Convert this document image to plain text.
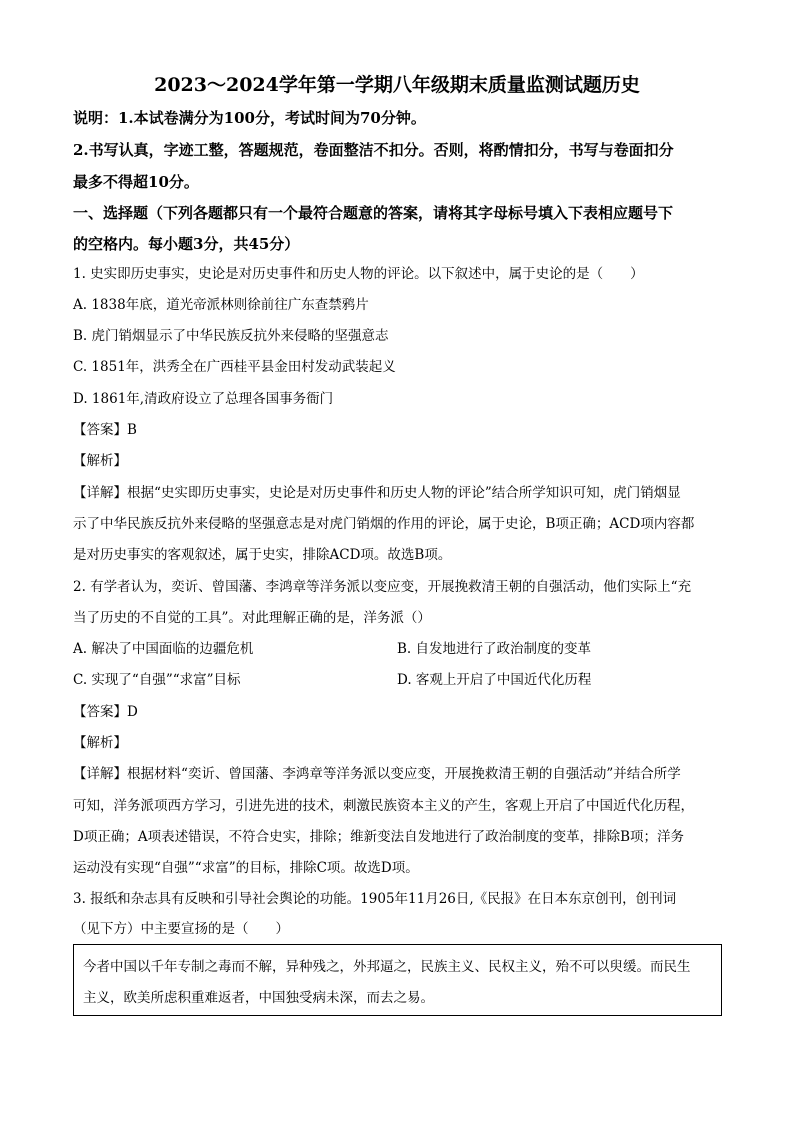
2023～2024学年第一学期八年级期末质量监测试题历史
说明：1.本试卷满分为100分，考试时间为70分钟。
2.书写认真，字迹工整，答题规范，卷面整洁不扣分。否则，将酌情扣分，书写与卷面扣分
最多不得超10分。
一、选择题（下列各题都只有一个最符合题意的答案，请将其字母标号填入下表相应题号下
的空格内。每小题3分，共45分）
1. 史实即历史事实，史论是对历史事件和历史人物的评论。以下叙述中，属于史论的是（　　）
A. 1838年底，道光帝派林则徐前往广东查禁鸦片
B. 虎门销烟显示了中华民族反抗外来侵略的坚强意志
C. 1851年，洪秀全在广西桂平县金田村发动武装起义
D. 1861年,清政府设立了总理各国事务衙门
【答案】B
【解析】
【详解】根据“史实即历史事实，史论是对历史事件和历史人物的评论”结合所学知识可知，虎门销烟显
示了中华民族反抗外来侵略的坚强意志是对虎门销烟的作用的评论，属于史论，B项正确；ACD项内容都
是对历史事实的客观叙述，属于史实，排除ACD项。故选B项。
2. 有学者认为，奕䜣、曾国藩、李鸿章等洋务派以变应变，开展挽救清王朝的自强活动，他们实际上“充
当了历史的不自觉的工具”。对此理解正确的是，洋务派（）
A. 解决了中国面临的边疆危机	B. 自发地进行了政治制度的变革
C. 实现了“自强”“求富”目标	D. 客观上开启了中国近代化历程
【答案】D
【解析】
【详解】根据材料“奕䜣、曾国藩、李鸿章等洋务派以变应变，开展挽救清王朝的自强活动”并结合所学
可知，洋务派项西方学习，引进先进的技术，刺激民族资本主义的产生，客观上开启了中国近代化历程，
D项正确；A项表述错误，不符合史实，排除；维新变法自发地进行了政治制度的变革，排除B项；洋务
运动没有实现“自强”“求富”的目标，排除C项。故选D项。
3. 报纸和杂志具有反映和引导社会舆论的功能。1905年11月26日,《民报》在日本东京创刊，创刊词
（见下方）中主要宣扬的是（　　）
今者中国以千年专制之毒而不解，异种残之，外邦逼之，民族主义、民权主义，殆不可以臾缓。而民生
主义，欧美所虑积重难返者，中国独受病未深，而去之易。
